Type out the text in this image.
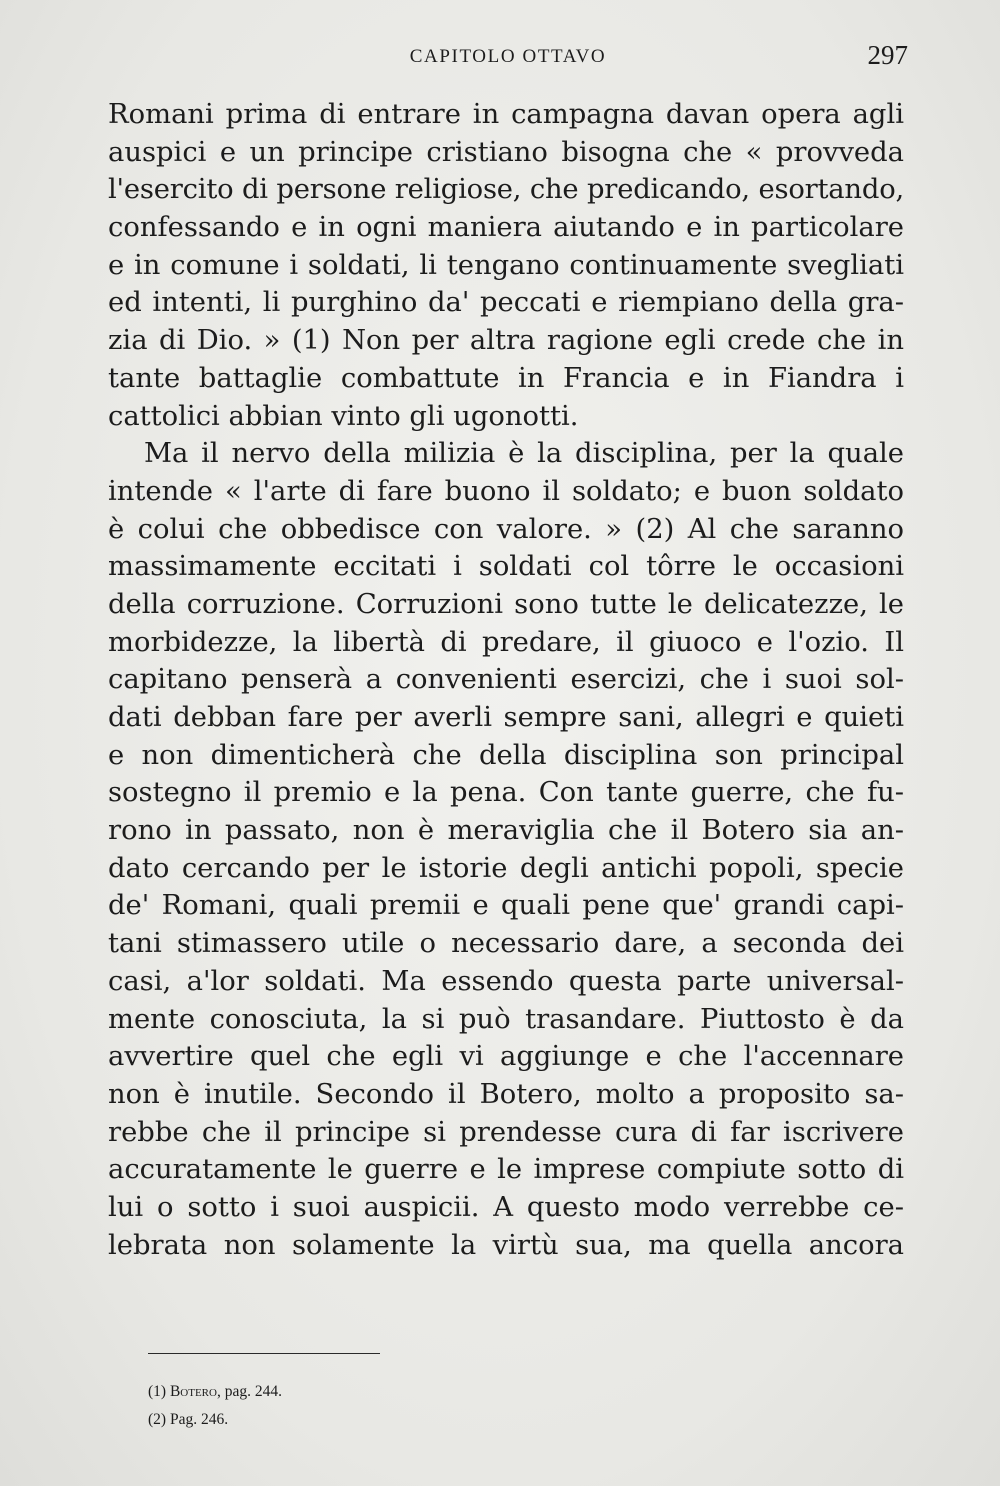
CAPITOLO OTTAVO	297
Romani prima di entrare in campagna davan opera agli
auspici e un principe cristiano bisogna che « provveda
l'esercito di persone religiose, che predicando, esortando,
confessando e in ogni maniera aiutando e in particolare
e in comune i soldati, li tengano continuamente svegliati
ed intenti, li purghino da' peccati e riempiano della gra-
zia di Dio. » (1) Non per altra ragione egli crede che in
tante battaglie combattute in Francia e in Fiandra i
cattolici abbian vinto gli ugonotti.
Ma il nervo della milizia è la disciplina, per la quale
intende « l'arte di fare buono il soldato; e buon soldato
è colui che obbedisce con valore. » (2) Al che saranno
massimamente eccitati i soldati col tôrre le occasioni
della corruzione. Corruzioni sono tutte le delicatezze, le
morbidezze, la libertà di predare, il giuoco e l'ozio. Il
capitano penserà a convenienti esercizi, che i suoi sol-
dati debban fare per averli sempre sani, allegri e quieti
e non dimenticherà che della disciplina son principal
sostegno il premio e la pena. Con tante guerre, che fu-
rono in passato, non è meraviglia che il Botero sia an-
dato cercando per le istorie degli antichi popoli, specie
de' Romani, quali premii e quali pene que' grandi capi-
tani stimassero utile o necessario dare, a seconda dei
casi, a'lor soldati. Ma essendo questa parte universal-
mente conosciuta, la si può trasandare. Piuttosto è da
avvertire quel che egli vi aggiunge e che l'accennare
non è inutile. Secondo il Botero, molto a proposito sa-
rebbe che il principe si prendesse cura di far iscrivere
accuratamente le guerre e le imprese compiute sotto di
lui o sotto i suoi auspicii. A questo modo verrebbe ce-
lebrata non solamente la virtù sua, ma quella ancora
(1) Botero, pag. 244.
(2) Pag. 246.
